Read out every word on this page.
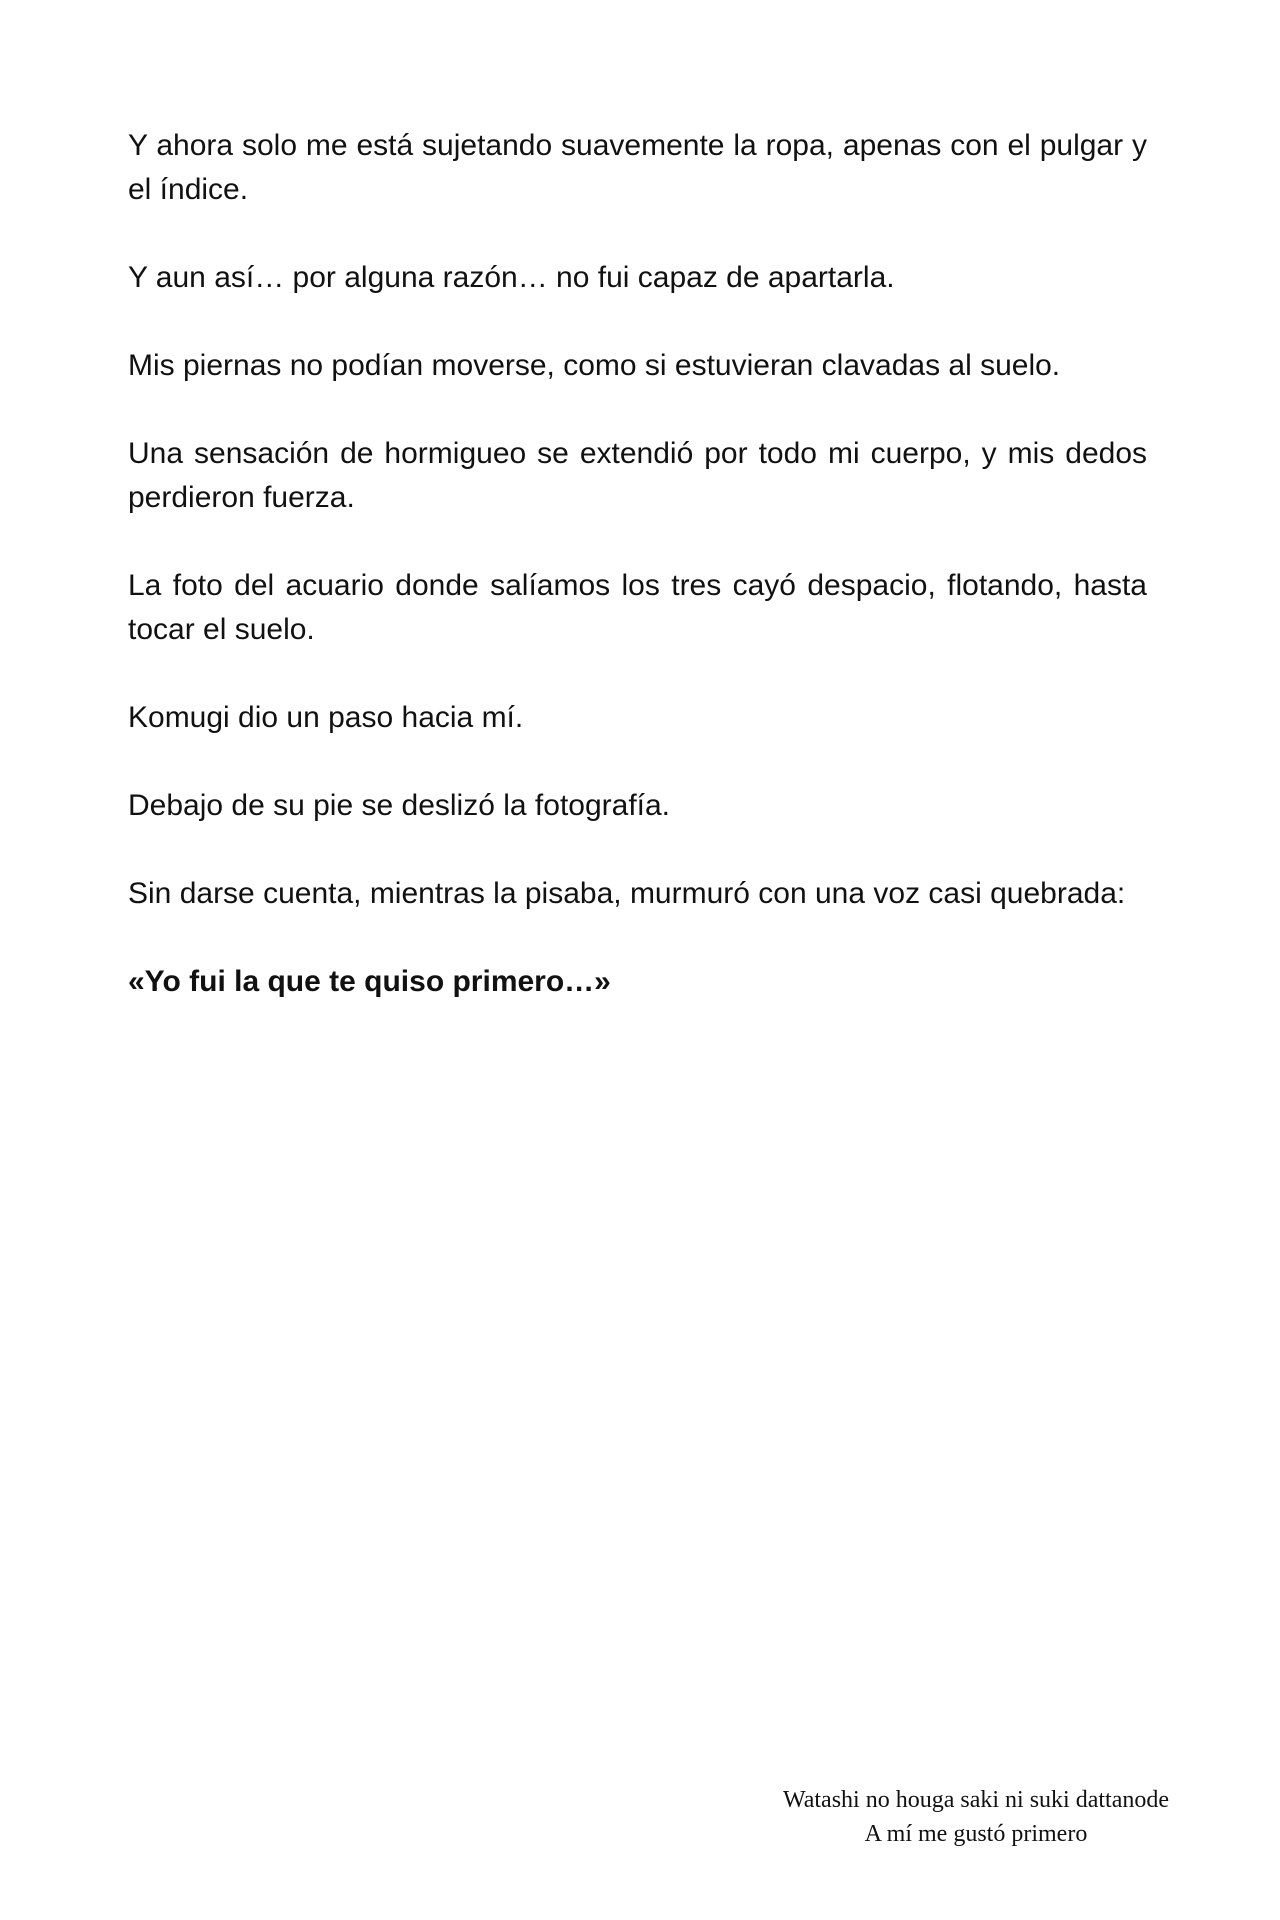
Y ahora solo me está sujetando suavemente la ropa, apenas con el pulgar y el índice.

Y aun así… por alguna razón… no fui capaz de apartarla.

Mis piernas no podían moverse, como si estuvieran clavadas al suelo.

Una sensación de hormigueo se extendió por todo mi cuerpo, y mis dedos perdieron fuerza.

La foto del acuario donde salíamos los tres cayó despacio, flotando, hasta tocar el suelo.

Komugi dio un paso hacia mí.

Debajo de su pie se deslizó la fotografía.

Sin darse cuenta, mientras la pisaba, murmuró con una voz casi quebrada:

«Yo fui la que te quiso primero…»

Watashi no houga saki ni suki dattanode
A mí me gustó primero
